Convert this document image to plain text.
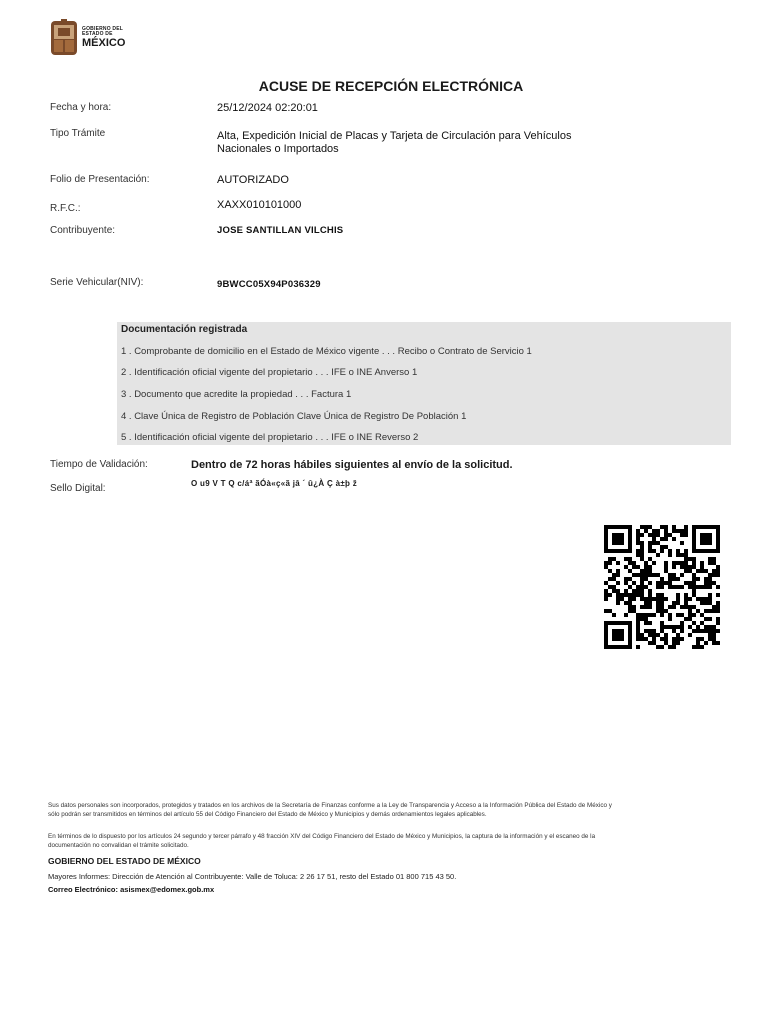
GOBIERNO DEL
ESTADO DE
MÉXICO
ACUSE DE RECEPCIÓN ELECTRÓNICA
Fecha y hora:	25/12/2024 02:20:01
Tipo Trámite	Alta, Expedición Inicial de Placas y Tarjeta de Circulación para Vehículos
Nacionales o Importados
Folio de Presentación:	AUTORIZADO
R.F.C.:	XAXX010101000
Contribuyente:	JOSE SANTILLAN VILCHIS
Serie Vehicular(NIV):	9BWCC05X94P036329
Documentación registrada
1 . Comprobante de domicilio en el Estado de México vigente . . . Recibo o Contrato de Servicio 1
2 . Identificación oficial vigente del propietario . . . IFE o INE Anverso 1
3 . Documento que acredite la propiedad . . . Factura 1
4 . Clave Única de Registro de Población Clave Única de Registro De Población 1
5 . Identificación oficial vigente del propietario . . . IFE o INE Reverso 2
Tiempo de Validación:	Dentro de 72 horas hábiles siguientes al envío de la solicitud.
Sello Digital:	O u9 V T Q c/áª ãÓà«ç«ã jâ ´ û¿À Ç à±þ ž
Sus datos personales son incorporados, protegidos y tratados en los archivos de la Secretaría de Finanzas conforme a la Ley de Transparencia y Acceso a la Información Pública del Estado de México y
sólo podrán ser transmitidos en términos del artículo 55 del Código Financiero del Estado de México y Municipios y demás ordenamientos legales aplicables.
En términos de lo dispuesto por los artículos 24 segundo y tercer párrafo y 48 fracción XIV del Código Financiero del Estado de México y Municipios, la captura de la información y el escaneo de la
documentación no convalidan el trámite solicitado.
GOBIERNO DEL ESTADO DE MÉXICO
Mayores Informes: Dirección de Atención al Contribuyente: Valle de Toluca: 2 26 17 51, resto del Estado 01 800 715 43 50.
Correo Electrónico: asismex@edomex.gob.mx
